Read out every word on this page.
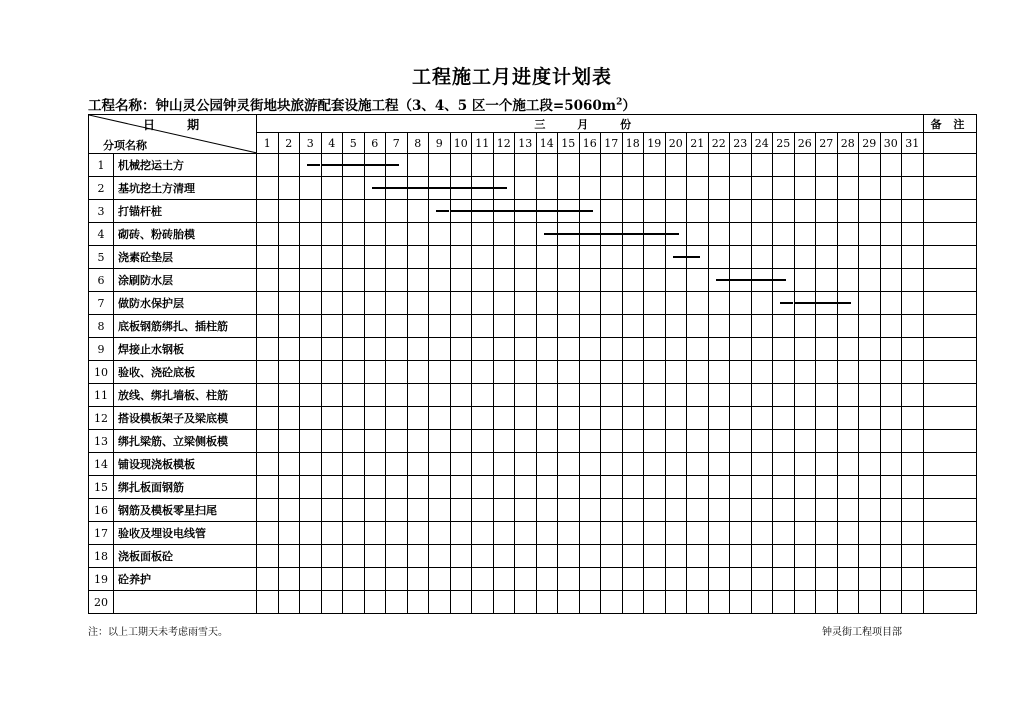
工程施工月进度计划表
工程名称：钟山灵公园钟灵街地块旅游配套设施工程（3、4、5 区一个施工段$=5060m^2$）
日 期
分项名称		三 月 份																															备 注
		1	2	3	4	5	6	7	8	9	10	11	12	13	14	15	16	17	18	19	20	21	22	23	24	25	26	27	28	29	30	31	
1	机械挖运土方			

2	基坑挖土方清理						

3	打锚杆桩									

4	砌砖、粉砖胎模														

5	浇素砼垫层																				

6	涂刷防水层																						

7	做防水保护层																									

8	底板钢筋绑扎、插柱筋																																
9	焊接止水钢板																																
10	验收、浇砼底板																																
11	放线、绑扎墙板、柱筋																																
12	搭设模板架子及梁底模																																
13	绑扎梁筋、立梁侧板模																																
14	铺设现浇板模板																																
15	绑扎板面钢筋																																
16	钢筋及模板零星扫尾																																
17	验收及埋设电线管																																
18	浇板面板砼																																
19	砼养护																																
20																																	
注：以上工期天未考虑雨雪天。	钟灵街工程项目部
